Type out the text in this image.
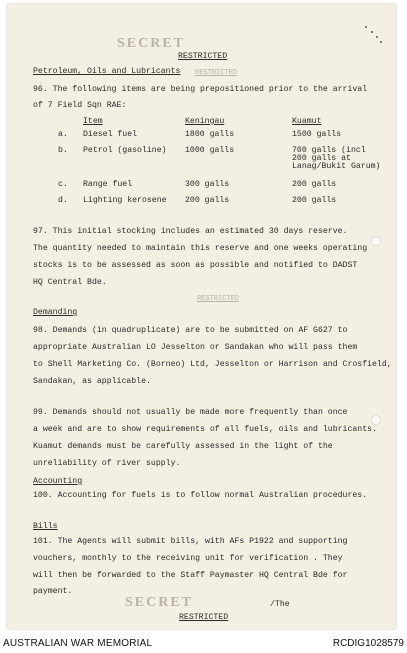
SECRET
RESTRICTED
Petroleum, Oils and Lubricants RESTRICTED
96. The following items are being prepositioned prior to the arrival
of 7 Field Sqn RAE:
Item	Keningau	Kuamut
a. Diesel fuel	1800 galls	1500 galls
b. Petrol (gasoline) 1000 galls	700 galls (incl
200 galls at
Lanag/Bukit Garum)
c. Range fuel	300 galls	200 galls
d. Lighting kerosene 200 galls	200 galls
97. This initial stocking includes an estimated 30 days reserve.
The quantity needed to maintain this reserve and one weeks operating
stocks is to be assessed as soon as possible and notified to DADST
HQ Central Bde.
RESTRICTED
Demanding
98. Demands (in quadruplicate) are to be submitted on AF G627 to
appropriate Australian LO Jesselton or Sandakan who will pass them
to Shell Marketing Co. (Borneo) Ltd, Jesselton or Harrison and Crosfield,
Sandakan, as applicable.
99. Demands should not usually be made more frequently than once
a week and are to show requirements of all fuels, oils and lubricants.
Kuamut demands must be carefully assessed in the light of the
unreliability of river supply.
Accounting
100. Accounting for fuels is to follow normal Australian procedures.
Bills
101. The Agents will submit bills, with AFs P1922 and supporting
vouchers, monthly to the receiving unit for verification . They
will then be forwarded to the Staff Paymaster HQ Central Bde for
payment.
SECRET	/The
RESTRICTED
AUSTRALIAN WAR MEMORIAL	RCDIG1028579
